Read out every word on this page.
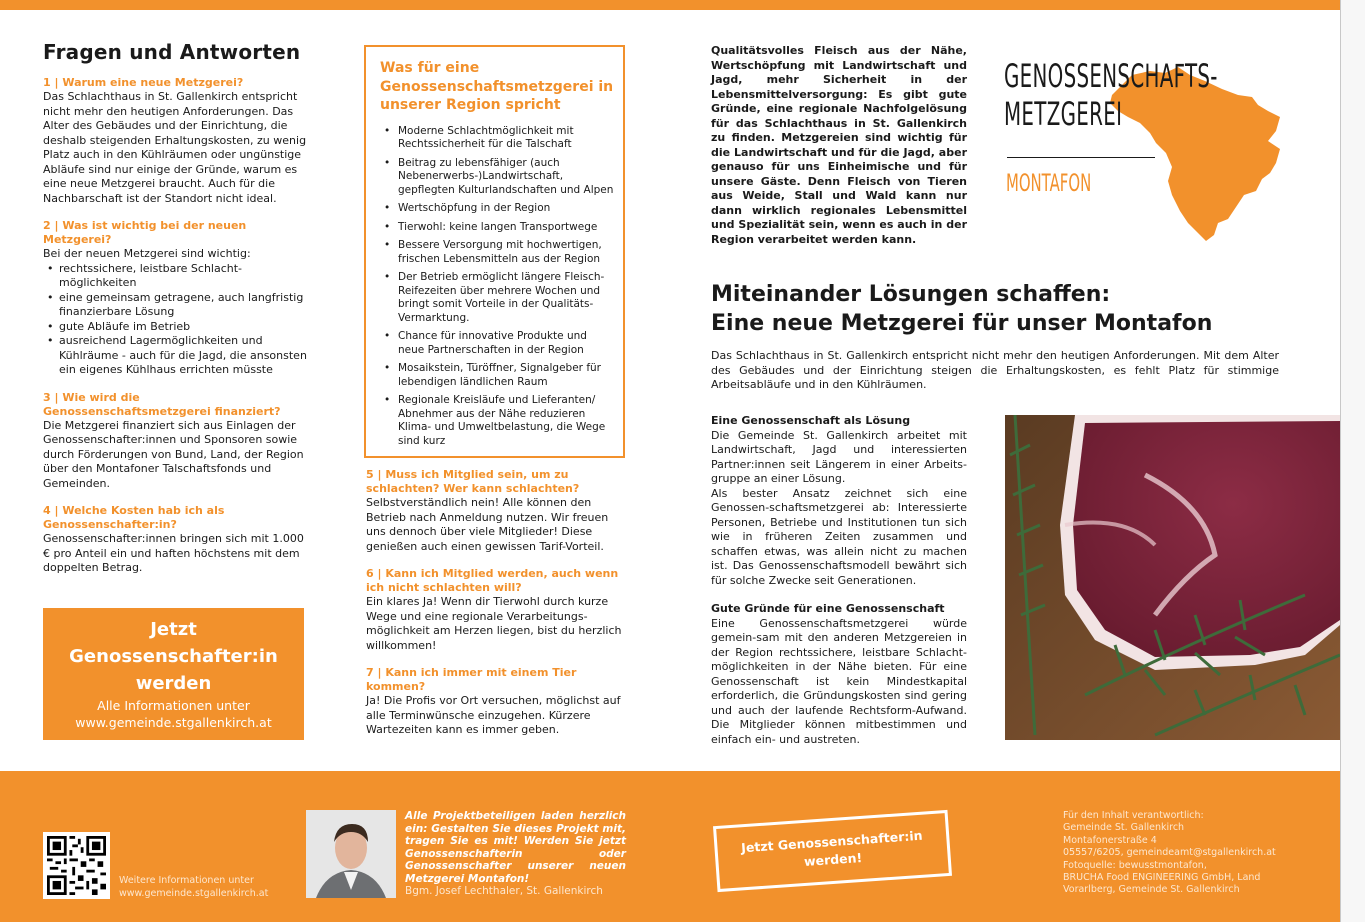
Fragen und Antworten
1 | Warum eine neue Metzgerei?
Das Schlachthaus in St. Gallenkirch entspricht nicht mehr den heutigen Anforderungen. Das Alter des Gebäudes und der Einrichtung, die deshalb steigenden Erhaltungskosten, zu wenig Platz auch in den Kühlräumen oder ungünstige Abläufe sind nur einige der Gründe, warum es eine neue Metzgerei braucht. Auch für die Nachbarschaft ist der Standort nicht ideal.
2 | Was ist wichtig bei der neuen Metzgerei?
Bei der neuen Metzgerei sind wichtig:
• rechtssichere, leistbare Schlacht-möglichkeiten
• eine gemeinsam getragene, auch langfristig finanzierbare Lösung
• gute Abläufe im Betrieb
• ausreichend Lagermöglichkeiten und Kühlräume - auch für die Jagd, die ansonsten ein eigenes Kühlhaus errichten müsste
3 | Wie wird die Genossenschaftsmetzgerei finanziert?
Die Metzgerei finanziert sich aus Einlagen der Genossenschafter:innen und Sponsoren sowie durch Förderungen von Bund, Land, der Region über den Montafoner Talschaftsfonds und Gemeinden.
4 | Welche Kosten hab ich als Genossenschafter:in?
Genossenschafter:innen bringen sich mit 1.000 € pro Anteil ein und haften höchstens mit dem doppelten Betrag.
Jetzt
Genossenschafter:in
werden
Alle Informationen unter
www.gemeinde.stgallenkirch.at
Was für eine Genossenschaftsmetzgerei in unserer Region spricht
• Moderne Schlachtmöglichkeit mit Rechtssicherheit für die Talschaft
• Beitrag zu lebensfähiger (auch Nebenerwerbs-)Landwirtschaft, gepflegten Kulturlandschaften und Alpen
• Wertschöpfung in der Region
• Tierwohl: keine langen Transportwege
• Bessere Versorgung mit hochwertigen, frischen Lebensmitteln aus der Region
• Der Betrieb ermöglicht längere Fleisch-Reifezeiten über mehrere Wochen und bringt somit Vorteile in der Qualitäts-Vermarktung.
• Chance für innovative Produkte und neue Partnerschaften in der Region
• Mosaikstein, Türöffner, Signalgeber für lebendigen ländlichen Raum
• Regionale Kreisläufe und Lieferanten/ Abnehmer aus der Nähe reduzieren Klima- und Umweltbelastung, die Wege sind kurz
5 | Muss ich Mitglied sein, um zu schlachten? Wer kann schlachten?
Selbstverständlich nein! Alle können den Betrieb nach Anmeldung nutzen. Wir freuen uns dennoch über viele Mitglieder! Diese genießen auch einen gewissen Tarif-Vorteil.
6 | Kann ich Mitglied werden, auch wenn ich nicht schlachten will?
Ein klares Ja! Wenn dir Tierwohl durch kurze Wege und eine regionale Verarbeitungs-möglichkeit am Herzen liegen, bist du herzlich willkommen!
7 | Kann ich immer mit einem Tier kommen?
Ja! Die Profis vor Ort versuchen, möglichst auf alle Terminwünsche einzugehen. Kürzere Wartezeiten kann es immer geben.
Qualitätsvolles Fleisch aus der Nähe, Wertschöpfung mit Landwirtschaft und Jagd, mehr Sicherheit in der Lebensmittelversorgung: Es gibt gute Gründe, eine regionale Nachfolgelösung für das Schlachthaus in St. Gallenkirch zu finden. Metzgereien sind wichtig für die Landwirtschaft und für die Jagd, aber genauso für uns Einheimische und für unsere Gäste. Denn Fleisch von Tieren aus Weide, Stall und Wald kann nur dann wirklich regionales Lebensmittel und Spezialität sein, wenn es auch in der Region verarbeitet werden kann.
GENOSSENSCHAFTS-
METZGEREI
MONTAFON
Miteinander Lösungen schaffen:
Eine neue Metzgerei für unser Montafon
Das Schlachthaus in St. Gallenkirch entspricht nicht mehr den heutigen Anforderungen. Mit dem Alter des Gebäudes und der Einrichtung steigen die Erhaltungskosten, es fehlt Platz für stimmige Arbeitsabläufe und in den Kühlräumen.
Eine Genossenschaft als Lösung
Die Gemeinde St. Gallenkirch arbeitet mit Landwirtschaft, Jagd und interessierten Partner:innen seit Längerem in einer Arbeits-gruppe an einer Lösung.
Als bester Ansatz zeichnet sich eine Genossen-schaftsmetzgerei ab: Interessierte Personen, Betriebe und Institutionen tun sich wie in früheren Zeiten zusammen und schaffen etwas, was allein nicht zu machen ist. Das Genossenschaftsmodell bewährt sich für solche Zwecke seit Generationen.
Gute Gründe für eine Genossenschaft
Eine Genossenschaftsmetzgerei würde gemein-sam mit den anderen Metzgereien in der Region rechtssichere, leistbare Schlacht-möglichkeiten in der Nähe bieten. Für eine Genossenschaft ist kein Mindestkapital erforderlich, die Gründungskosten sind gering und auch der laufende Rechtsform-Aufwand. Die Mitglieder können mitbestimmen und einfach ein- und austreten.
Weitere Informationen unter
www.gemeinde.stgallenkirch.at
Alle Projektbeteiligen laden herzlich ein: Gestalten Sie dieses Projekt mit, tragen Sie es mit! Werden Sie jetzt Genossenschafterin oder Genossenschafter unserer neuen Metzgerei Montafon!
Bgm. Josef Lechthaler, St. Gallenkirch
Jetzt Genossenschafter:in
werden!
Für den Inhalt verantwortlich:
Gemeinde St. Gallenkirch
Montafonerstraße 4
05557/6205, gemeindeamt@stgallenkirch.at
Fotoquelle: bewusstmontafon,
BRUCHA Food ENGINEERING GmbH, Land
Vorarlberg, Gemeinde St. Gallenkirch
